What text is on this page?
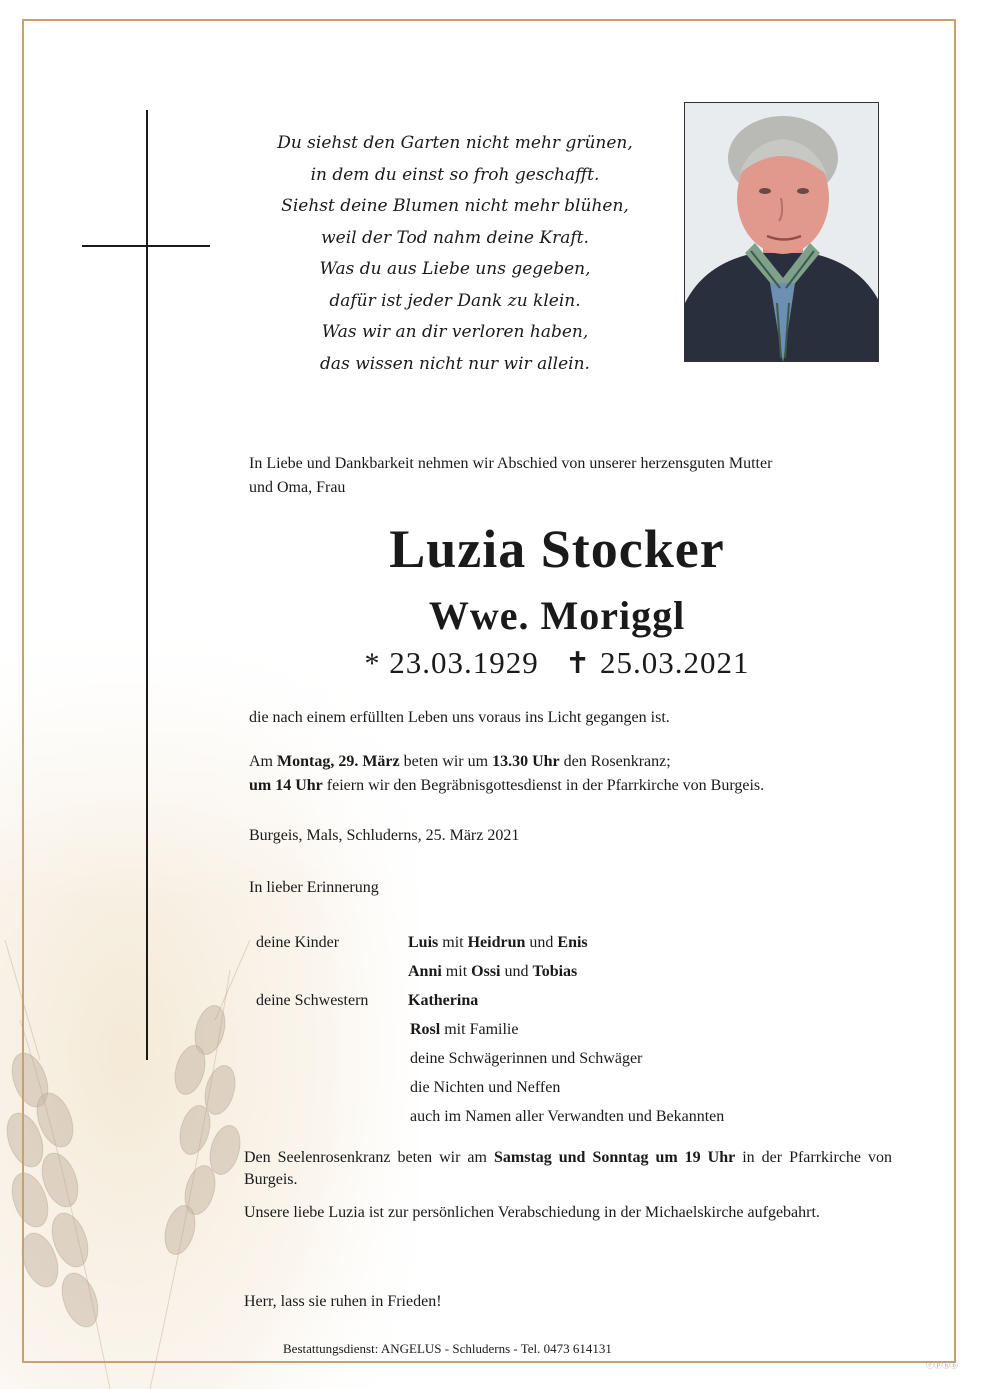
Du siehst den Garten nicht mehr grünen,
in dem du einst so froh geschafft.
Siehst deine Blumen nicht mehr blühen,
weil der Tod nahm deine Kraft.
Was du aus Liebe uns gegeben,
dafür ist jeder Dank zu klein.
Was wir an dir verloren haben,
das wissen nicht nur wir allein.
In Liebe und Dankbarkeit nehmen wir Abschied von unserer herzensguten Mutter
und Oma, Frau
Luzia Stocker
Wwe. Moriggl
* 23.03.1929 ✝ 25.03.2021
die nach einem erfüllten Leben uns voraus ins Licht gegangen ist.
Am Montag, 29. März beten wir um 13.30 Uhr den Rosenkranz;
um 14 Uhr feiern wir den Begräbnisgottesdienst in der Pfarrkirche von Burgeis.
Burgeis, Mals, Schluderns, 25. März 2021
In lieber Erinnerung
deine Kinder	Luis mit Heidrun und Enis
Anni mit Ossi und Tobias
deine Schwestern	Katherina
Rosl mit Familie
deine Schwägerinnen und Schwäger
die Nichten und Neffen
auch im Namen aller Verwandten und Bekannten
Den Seelenrosenkranz beten wir am Samstag und Sonntag um 19 Uhr in der Pfarrkirche von Burgeis.
Unsere liebe Luzia ist zur persönlichen Verabschiedung in der Michaelskirche aufgebahrt.
Herr, lass sie ruhen in Frieden!
Bestattungsdienst: ANGELUS - Schluderns - Tel. 0473 614131
ⓔⓟⓗⓑ
